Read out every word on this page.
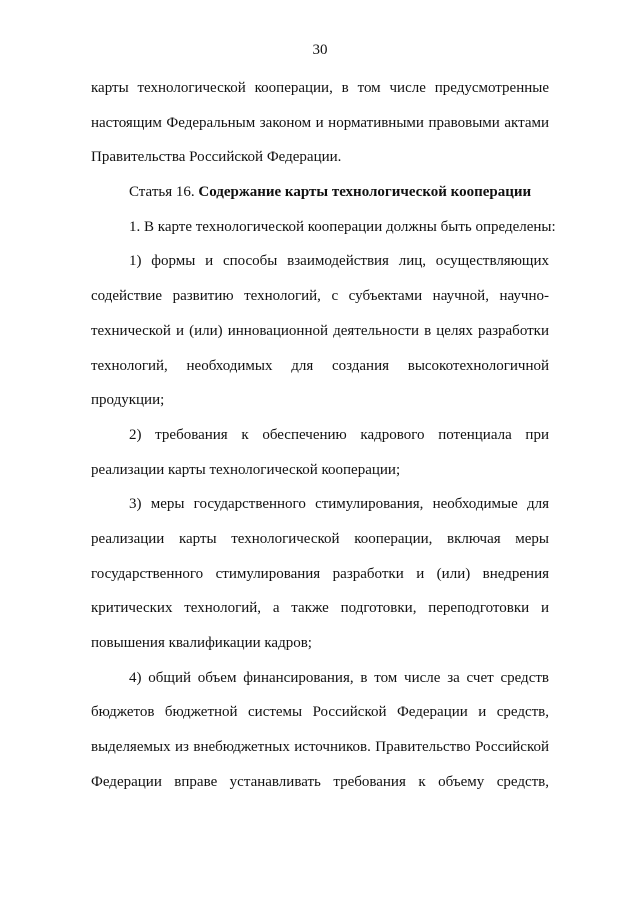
30
карты технологической кооперации, в том числе предусмотренные
настоящим Федеральным законом и нормативными правовыми актами
Правительства Российской Федерации.
Статья 16. Содержание карты технологической кооперации
1. В карте технологической кооперации должны быть определены:
1) формы и способы взаимодействия лиц, осуществляющих
содействие развитию технологий, с субъектами научной, научно-
технической и (или) инновационной деятельности в целях разработки
технологий, необходимых для создания высокотехнологичной
продукции;
2) требования к обеспечению кадрового потенциала при
реализации карты технологической кооперации;
3) меры государственного стимулирования, необходимые для
реализации карты технологической кооперации, включая меры
государственного стимулирования разработки и (или) внедрения
критических технологий, а также подготовки, переподготовки и
повышения квалификации кадров;
4) общий объем финансирования, в том числе за счет средств
бюджетов бюджетной системы Российской Федерации и средств,
выделяемых из внебюджетных источников. Правительство Российской
Федерации вправе устанавливать требования к объему средств,
